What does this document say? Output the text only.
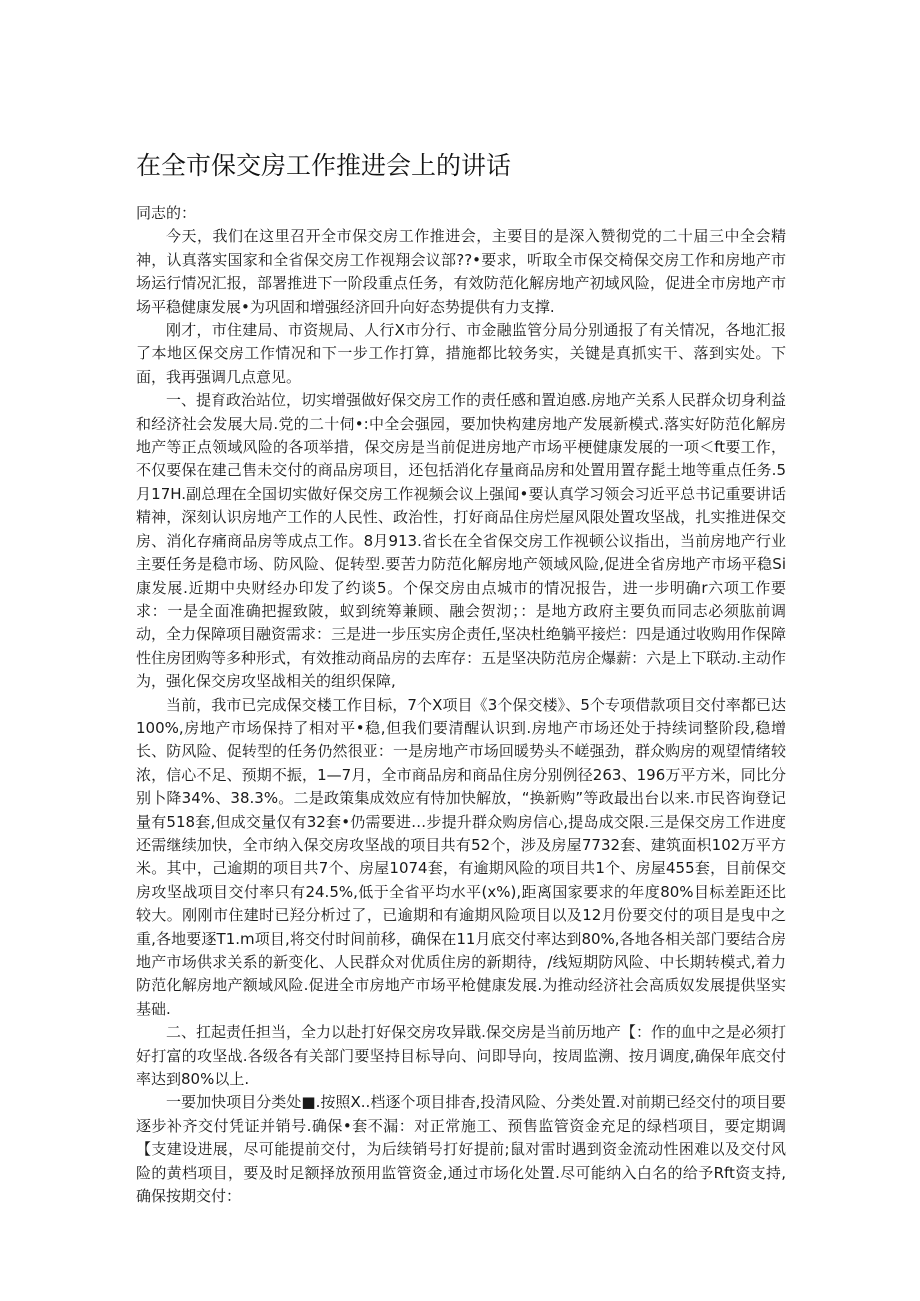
在全市保交房工作推进会上的讲话

同志的：

今天，我们在这里召开全市保交房工作推进会，主要目的是深入赞彻党的二十届三中全会精神，认真落实国家和全省保交房工作视翔会议部??•要求，听取全市保交椅保交房工作和房地产市场运行情况汇报，部署推进下一阶段重点任务，有效防范化解房地产初域风险，促进全市房地产市场平稳健康发展•为巩固和增强经济回升向好态势提供有力支撑.

刚才，市住建局、市资规局、人行X市分行、市金融监管分局分别通报了有关情况，各地汇报了本地区保交房工作情况和下一步工作打算，措施都比较务实，关键是真抓实干、落到实处。下面，我再强调几点意见。

一、提育政治站位，切实增强做好保交房工作的责任感和置迫感.房地产关系人民群众切身利益和经济社会发展大局.党的二十伺•:中全会强园，要加快构建房地产发展新模式.落实好防范化解房地产等正点领域风险的各项举措，保交房是当前促进房地产市场平梗健康发展的一项＜ft要工作，不仅要保在建己售未交付的商品房项目，还包括消化存量商品房和处置用置存髭土地等重点任务.5月17H.副总理在全国切实做好保交房工作视频会议上强闻•要认真学习领会习近平总书记重要讲话精神，深刻认识房地产工作的人民性、政治性，打好商品住房烂屋风限处置攻坚战，扎实推进保交房、消化存痛商品房等成点工作。8月913.省长在全省保交房工作视顿公议指出，当前房地产行业主要任务是稳市场、防风险、促转型.要苦力防范化解房地产领域风险,促进全省房地产市场平稳Si康发展.近期中央财经办印发了约谈5。个保交房由点城市的情况报告，进一步明确r六项工作要求：一是全面准确把握致陂，蚁到统筹兼顾、融会贺沏；：是地方政府主要负而同志必须肱前调动，全力保障项目融资需求：三是进一步压实房企责任,坚决杜绝躺平接烂：四是通过收购用作保障性住房团购等多种形式，有效推动商品房的去库存：五是坚决防范房企爆薪：六是上下联动.主动作为，强化保交房攻坚战相关的组织保障,

当前，我市已完成保交楼工作目标，7个X项目《3个保交楼》、5个专项借款项目交付率都已达100%,房地产市场保持了相对平•稳,但我们要清醒认识到.房地产市场还处于持续词整阶段,稳增长、防风险、促转型的任务仍然很亚：一是房地产市场回暖势头不嵯强劲，群众购房的观望情绪较浓，信心不足、预期不振，1—7月，全市商品房和商品住房分别例径263、196万平方米，同比分别卜降34%、38.3%。二是政策集成效应有恃加快解放，“换新购”等政最出台以来.市民咨询登记量有518套,但成交量仅有32套•仍需要进…步提升群众购房信心,提岛成交限.三是保交房工作进度还需继续加快，全市纳入保交房攻坚战的项目共有52个，涉及房屋7732套、建筑面枳102万平方米。其中，己逾期的项目共7个、房屋1074套，有逾期风险的项目共1个、房屋455套，目前保交房攻坚战项目交付率只有24.5%,低于全省平均水平(x%),距离国家要求的年度80%目标差距还比较大。刚刚市住建时已羟分析过了，已逾期和有逾期风险项目以及12月份要交付的项目是曳中之重,各地要逐T1.m项目,将交付时间前移，确保在11月底交付率达到80%,各地各相关部门要结合房地产市场供求关系的新变化、人民群众对优质住房的新期待，/线短期防风险、中长期转模式,着力防范化解房地产额域风险.促进全市房地产市场平枪健康发展.为推动经济社会高质奴发展提供坚实基础.

二、扛起责任担当，全力以赴打好保交房攻异戢.保交房是当前历地产【：作的血中之是必须打好打富的攻坚战.各级各有关部门要坚持目标导向、问即导向，按周监溯、按月调度,确保年底交付率达到80%以上.

一要加快项目分类处■.按照X..档逐个项目排杳,投清风险、分类处置.对前期已经交付的项目要逐步补齐交付凭证并销号.确保•套不漏：对正常施工、预售监管资金充足的绿档项目，要定期调【支建设进展，尽可能提前交付，为后续销号打好提前;鼠对雷时遇到资金流动性困难以及交付风险的黄档项目，要及时足额择放预用监管资金,通过市场化处置.尽可能纳入白名的给予Rft资支持,确保按期交付：
